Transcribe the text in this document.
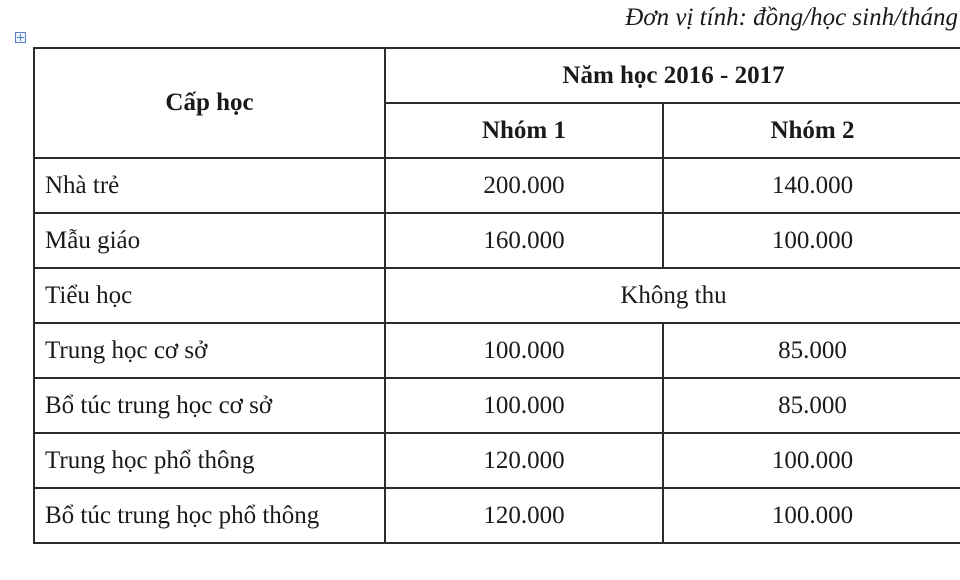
Đơn vị tính: đồng/học sinh/tháng
Cấp học	Năm học 2016 - 2017	
	Nhóm 1	Nhóm 2
Nhà trẻ	200.000	140.000
Mẫu giáo	160.000	100.000
Tiểu học	Không thu	
Trung học cơ sở	100.000	85.000
Bổ túc trung học cơ sở	100.000	85.000
Trung học phổ thông	120.000	100.000
Bổ túc trung học phổ thông	120.000	100.000
